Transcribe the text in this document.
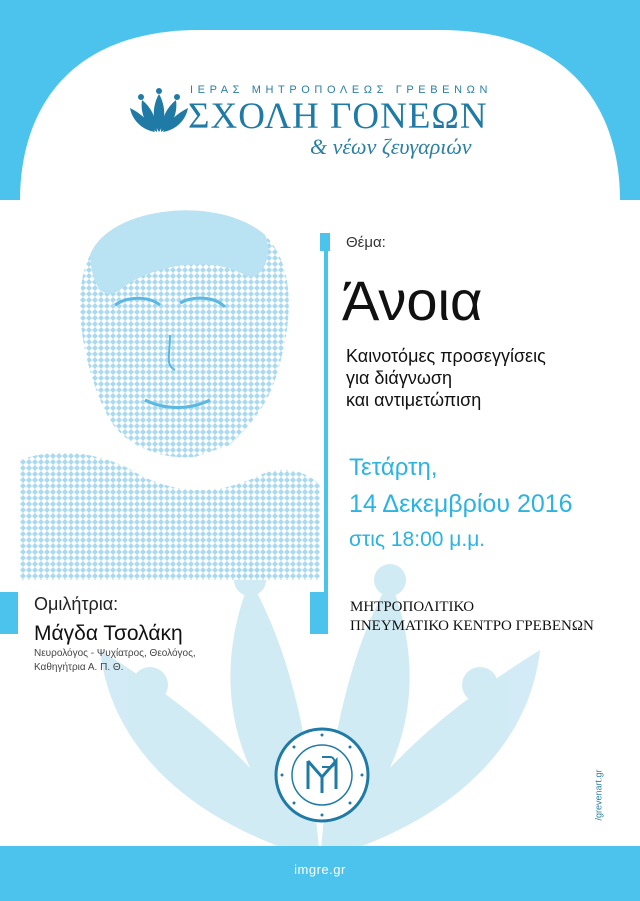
ΙΕΡΑΣ ΜΗΤΡΟΠΟΛΕΩΣ ΓΡΕΒΕΝΩΝ
ΣΧΟΛΗ ΓΟΝΕΩΝ
& νέων ζευγαριών
Θέμα:
Άνοια
Καινοτόμες προσεγγίσεις
για διάγνωση
και αντιμετώπιση
Τετάρτη,
14 Δεκεμβρίου 2016
στις 18:00 μ.μ.
ΜΗΤΡΟΠΟΛΙΤΙΚΟ
ΠΝΕΥΜΑΤΙΚΟ ΚΕΝΤΡΟ ΓΡΕΒΕΝΩΝ
Ομιλήτρια:
Μάγδα Τσολάκη
Νευρολόγος - Ψυχίατρος, Θεολόγος,
Καθηγήτρια Α. Π. Θ.
/grevenart.gr
imgre.gr
